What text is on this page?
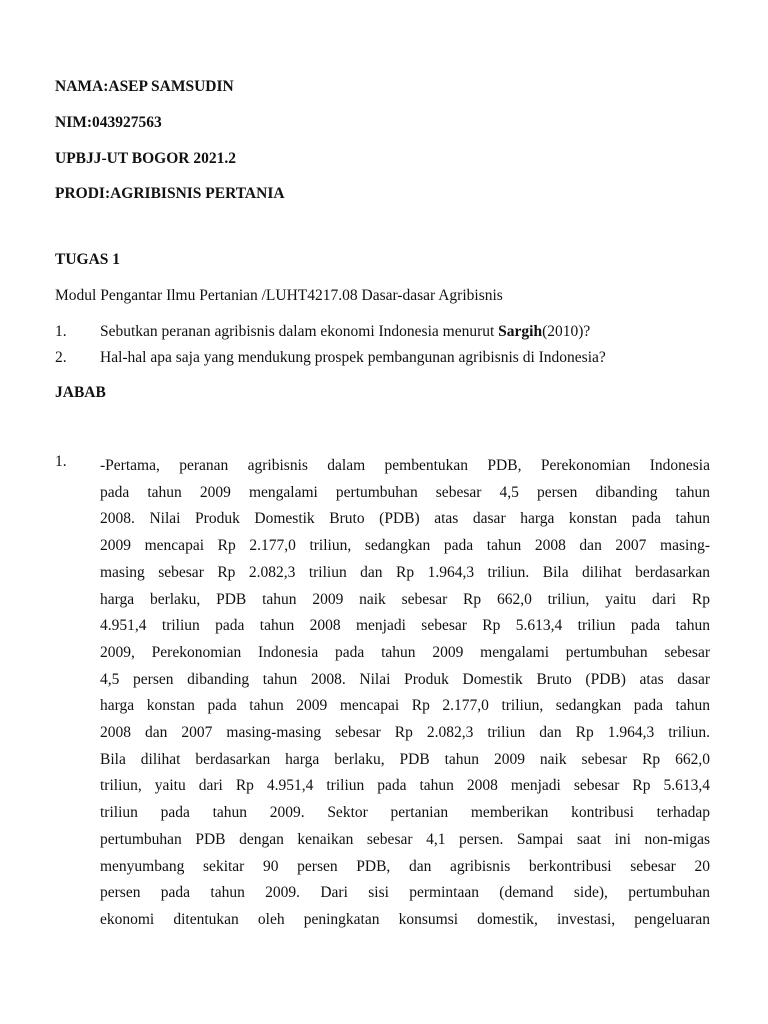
NAMA:ASEP SAMSUDIN
NIM:043927563
UPBJJ-UT BOGOR 2021.2
PRODI:AGRIBISNIS PERTANIA
TUGAS 1
Modul Pengantar Ilmu Pertanian /LUHT4217.08 Dasar-dasar Agribisnis
1. Sebutkan peranan agribisnis dalam ekonomi Indonesia menurut Sargih(2010)?
2. Hal-hal apa saja yang mendukung prospek pembangunan agribisnis di Indonesia?
JABAB
1. -Pertama, peranan agribisnis dalam pembentukan PDB, Perekonomian Indonesia
pada tahun 2009 mengalami pertumbuhan sebesar 4,5 persen dibanding tahun
2008. Nilai Produk Domestik Bruto (PDB) atas dasar harga konstan pada tahun
2009 mencapai Rp 2.177,0 triliun, sedangkan pada tahun 2008 dan 2007 masing-
masing sebesar Rp 2.082,3 triliun dan Rp 1.964,3 triliun. Bila dilihat berdasarkan
harga berlaku, PDB tahun 2009 naik sebesar Rp 662,0 triliun, yaitu dari Rp
4.951,4 triliun pada tahun 2008 menjadi sebesar Rp 5.613,4 triliun pada tahun
2009, Perekonomian Indonesia pada tahun 2009 mengalami pertumbuhan sebesar
4,5 persen dibanding tahun 2008. Nilai Produk Domestik Bruto (PDB) atas dasar
harga konstan pada tahun 2009 mencapai Rp 2.177,0 triliun, sedangkan pada tahun
2008 dan 2007 masing-masing sebesar Rp 2.082,3 triliun dan Rp 1.964,3 triliun.
Bila dilihat berdasarkan harga berlaku, PDB tahun 2009 naik sebesar Rp 662,0
triliun, yaitu dari Rp 4.951,4 triliun pada tahun 2008 menjadi sebesar Rp 5.613,4
triliun pada tahun 2009. Sektor pertanian memberikan kontribusi terhadap
pertumbuhan PDB dengan kenaikan sebesar 4,1 persen. Sampai saat ini non-migas
menyumbang sekitar 90 persen PDB, dan agribisnis berkontribusi sebesar 20
persen pada tahun 2009. Dari sisi permintaan (demand side), pertumbuhan
ekonomi ditentukan oleh peningkatan konsumsi domestik, investasi, pengeluaran
